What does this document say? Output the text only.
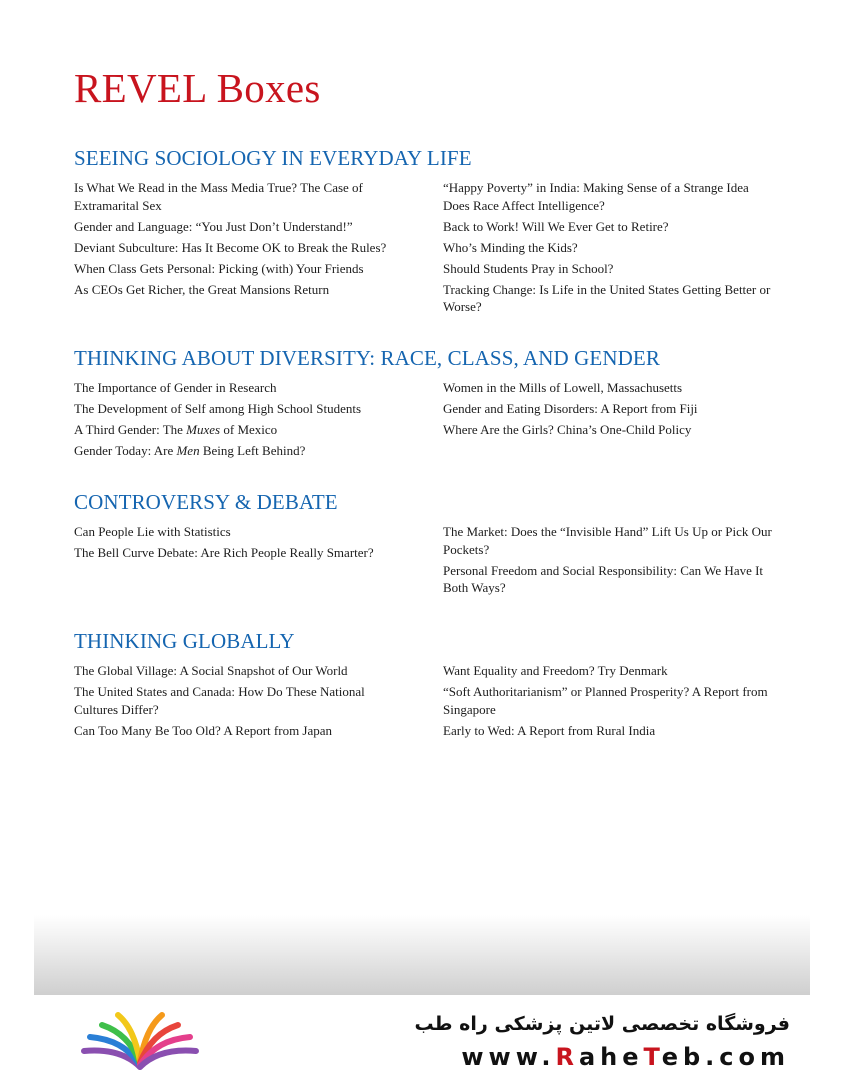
REVEL Boxes
SEEING SOCIOLOGY IN EVERYDAY LIFE
Is What We Read in the Mass Media True? The Case of Extramarital Sex
Gender and Language: “You Just Don’t Understand!”
Deviant Subculture: Has It Become OK to Break the Rules?
When Class Gets Personal: Picking (with) Your Friends
As CEOs Get Richer, the Great Mansions Return
“Happy Poverty” in India: Making Sense of a Strange Idea
Does Race Affect Intelligence?
Back to Work! Will We Ever Get to Retire?
Who’s Minding the Kids?
Should Students Pray in School?
Tracking Change: Is Life in the United States Getting Better or Worse?
THINKING ABOUT DIVERSITY: RACE, CLASS, AND GENDER
The Importance of Gender in Research
The Development of Self among High School Students
A Third Gender: The Muxes of Mexico
Gender Today: Are Men Being Left Behind?
Women in the Mills of Lowell, Massachusetts
Gender and Eating Disorders: A Report from Fiji
Where Are the Girls? China’s One-Child Policy
CONTROVERSY & DEBATE
Can People Lie with Statistics
The Bell Curve Debate: Are Rich People Really Smarter?
The Market: Does the “Invisible Hand” Lift Us Up or Pick Our Pockets?
Personal Freedom and Social Responsibility: Can We Have It Both Ways?
THINKING GLOBALLY
The Global Village: A Social Snapshot of Our World
The United States and Canada: How Do These National Cultures Differ?
Can Too Many Be Too Old? A Report from Japan
Want Equality and Freedom? Try Denmark
“Soft Authoritarianism” or Planned Prosperity? A Report from Singapore
Early to Wed: A Report from Rural India
فروشگاه تخصصی لاتین پزشکی راه طب
www.RaheTeb.com
